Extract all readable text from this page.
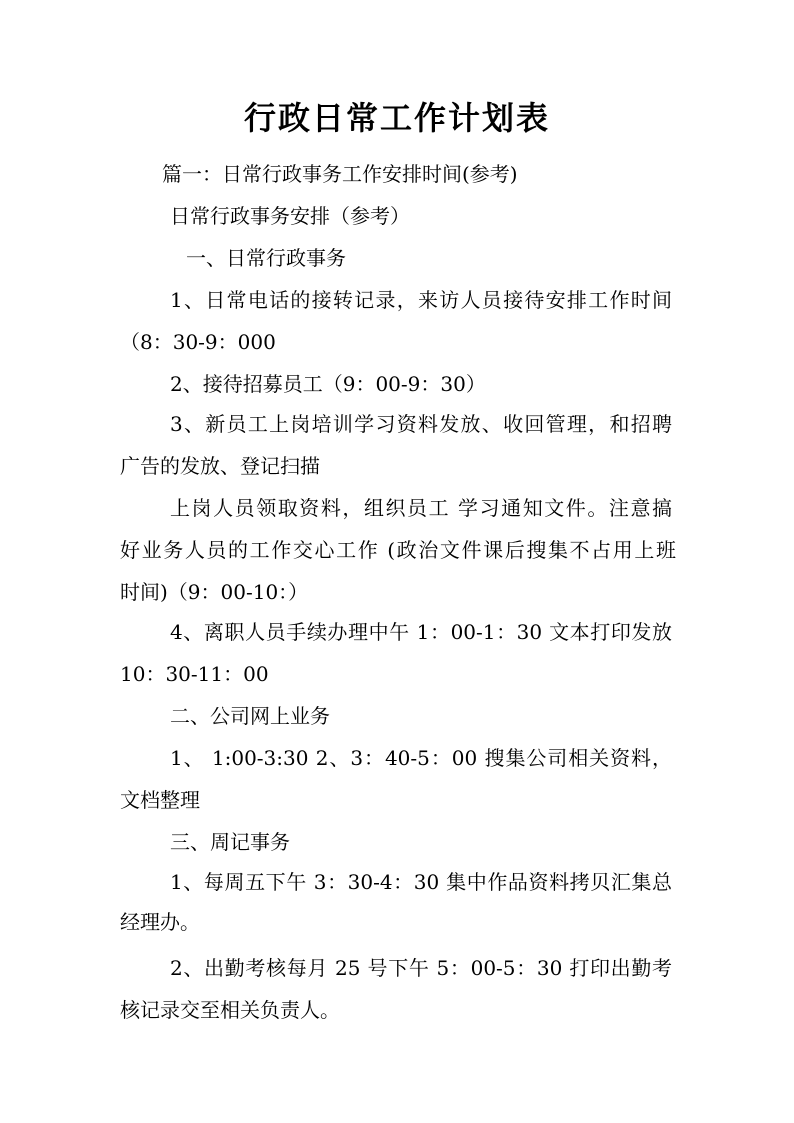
行政日常工作计划表
篇一：日常行政事务工作安排时间(参考)
日常行政事务安排（参考）
一、日常行政事务
1、日常电话的接转记录，来访人员接待安排工作时间
（8：30-9：000
2、接待招募员工（9：00-9：30）
3、新员工上岗培训学习资料发放、收回管理，和招聘
广告的发放、登记扫描
上岗人员领取资料，组织员工 学习通知文件。注意搞
好业务人员的工作交心工作 (政治文件课后搜集不占用上班
时间)（9：00-10：）
4、离职人员手续办理中午 1：00-1：30 文本打印发放
10：30-11：00
二、公司网上业务
1、 1:00-3:30 2、3：40-5：00 搜集公司相关资料，
文档整理
三、周记事务
1、每周五下午 3：30-4：30 集中作品资料拷贝汇集总
经理办。
2、出勤考核每月 25 号下午 5：00-5：30 打印出勤考
核记录交至相关负责人。
